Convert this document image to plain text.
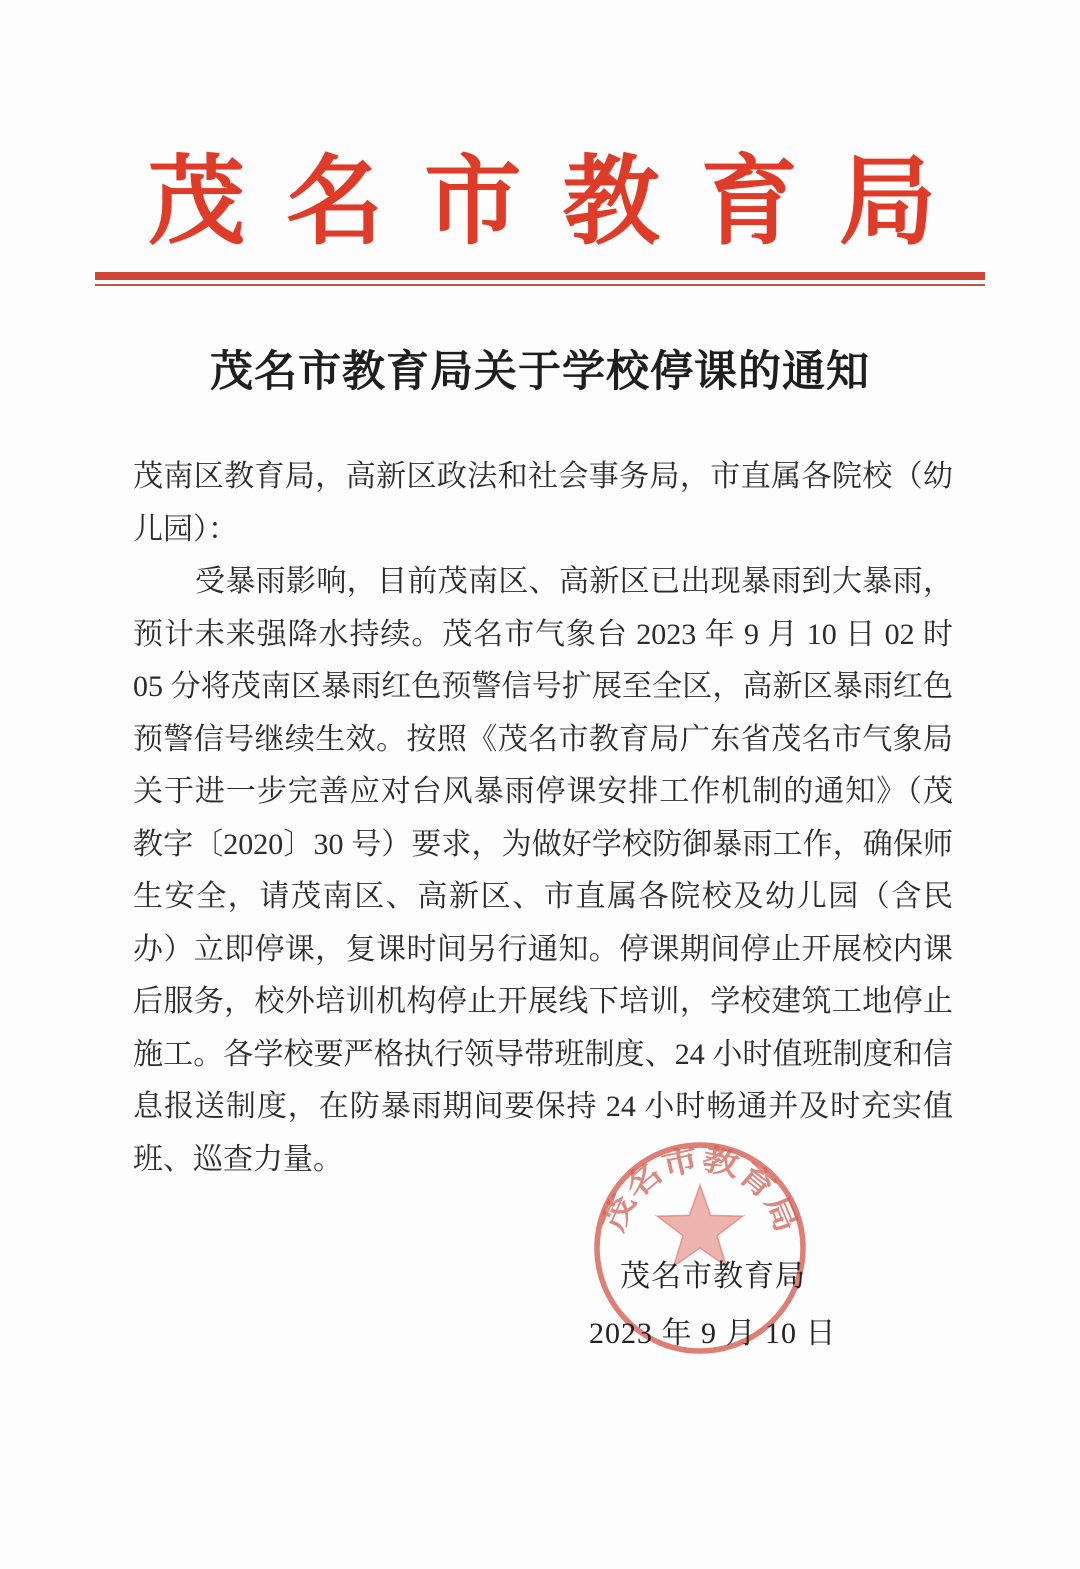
茂 名 市 教 育 局
茂名市教育局关于学校停课的通知

茂南区教育局，高新区政法和社会事务局，市直属各院校（幼儿园）：

受暴雨影响，目前茂南区、高新区已出现暴雨到大暴雨，预计未来强降水持续。茂名市气象台 2023 年 9 月 10 日 02 时 05 分将茂南区暴雨红色预警信号扩展至全区，高新区暴雨红色预警信号继续生效。按照《茂名市教育局广东省茂名市气象局关于进一步完善应对台风暴雨停课安排工作机制的通知》（茂教字〔2020〕30 号）要求，为做好学校防御暴雨工作，确保师生安全，请茂南区、高新区、市直属各院校及幼儿园（含民办）立即停课，复课时间另行通知。停课期间停止开展校内课后服务，校外培训机构停止开展线下培训，学校建筑工地停止施工。各学校要严格执行领导带班制度、24 小时值班制度和信息报送制度，在防暴雨期间要保持 24 小时畅通并及时充实值班、巡查力量。

茂名市教育局
茂名市教育局
2023 年 9 月 10 日
